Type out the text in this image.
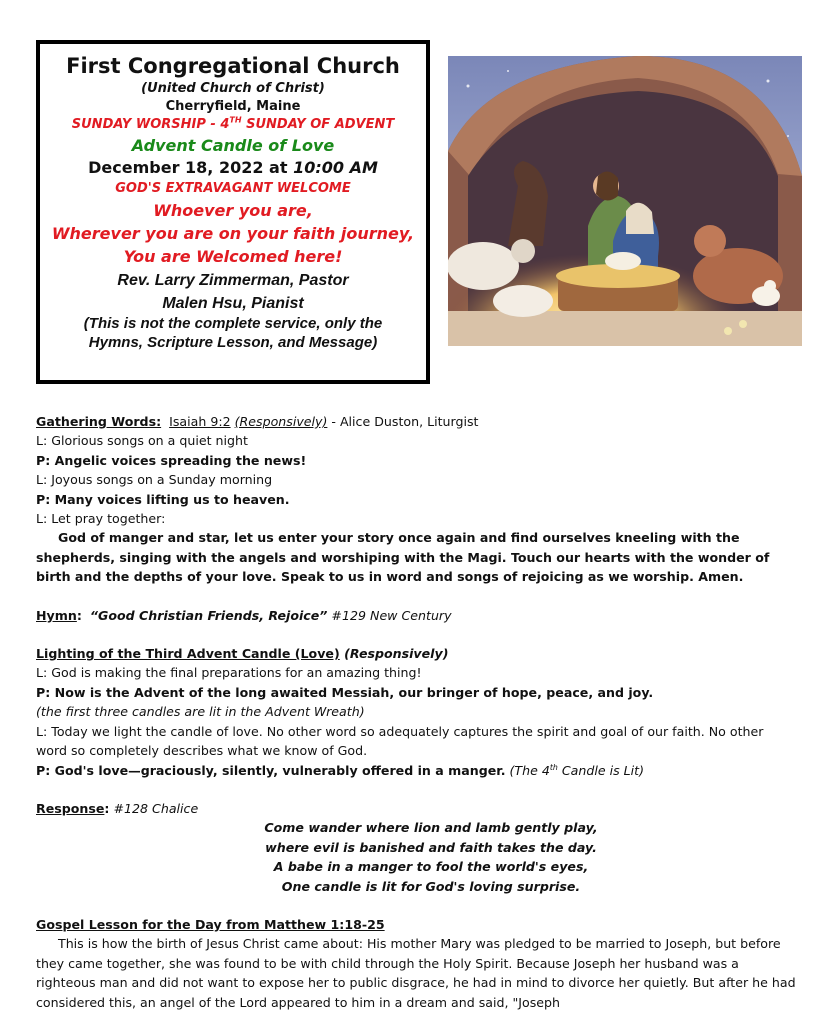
First Congregational Church
(United Church of Christ)
Cherryfield, Maine
SUNDAY WORSHIP - 4TH SUNDAY OF ADVENT
Advent Candle of Love
December 18, 2022 at 10:00 AM
GOD'S EXTRAVAGANT WELCOME
Whoever you are,
Wherever you are on your faith journey,
You are Welcomed here!
Rev. Larry Zimmerman, Pastor
Malen Hsu, Pianist
(This is not the complete service, only the
Hymns, Scripture Lesson, and Message)
Gathering Words: Isaiah 9:2 (Responsively) - Alice Duston, Liturgist
L: Glorious songs on a quiet night
P: Angelic voices spreading the news!
L: Joyous songs on a Sunday morning
P: Many voices lifting us to heaven.
L: Let pray together:
God of manger and star, let us enter your story once again and find ourselves kneeling with the shepherds, singing with the angels and worshiping with the Magi. Touch our hearts with the wonder of birth and the depths of your love. Speak to us in word and songs of rejoicing as we worship. Amen.
Hymn: “Good Christian Friends, Rejoice” #129 New Century
Lighting of the Third Advent Candle (Love) (Responsively)
L: God is making the final preparations for an amazing thing!
P: Now is the Advent of the long awaited Messiah, our bringer of hope, peace, and joy.
(the first three candles are lit in the Advent Wreath)
L: Today we light the candle of love. No other word so adequately captures the spirit and goal of our faith. No other word so completely describes what we know of God.
P: God's love—graciously, silently, vulnerably offered in a manger. (The 4th Candle is Lit)
Response: #128 Chalice
Come wander where lion and lamb gently play,
where evil is banished and faith takes the day.
A babe in a manger to fool the world's eyes,
One candle is lit for God's loving surprise.
Gospel Lesson for the Day from Matthew 1:18-25
This is how the birth of Jesus Christ came about: His mother Mary was pledged to be married to Joseph, but before they came together, she was found to be with child through the Holy Spirit. Because Joseph her husband was a righteous man and did not want to expose her to public disgrace, he had in mind to divorce her quietly. But after he had considered this, an angel of the Lord appeared to him in a dream and said, "Joseph
